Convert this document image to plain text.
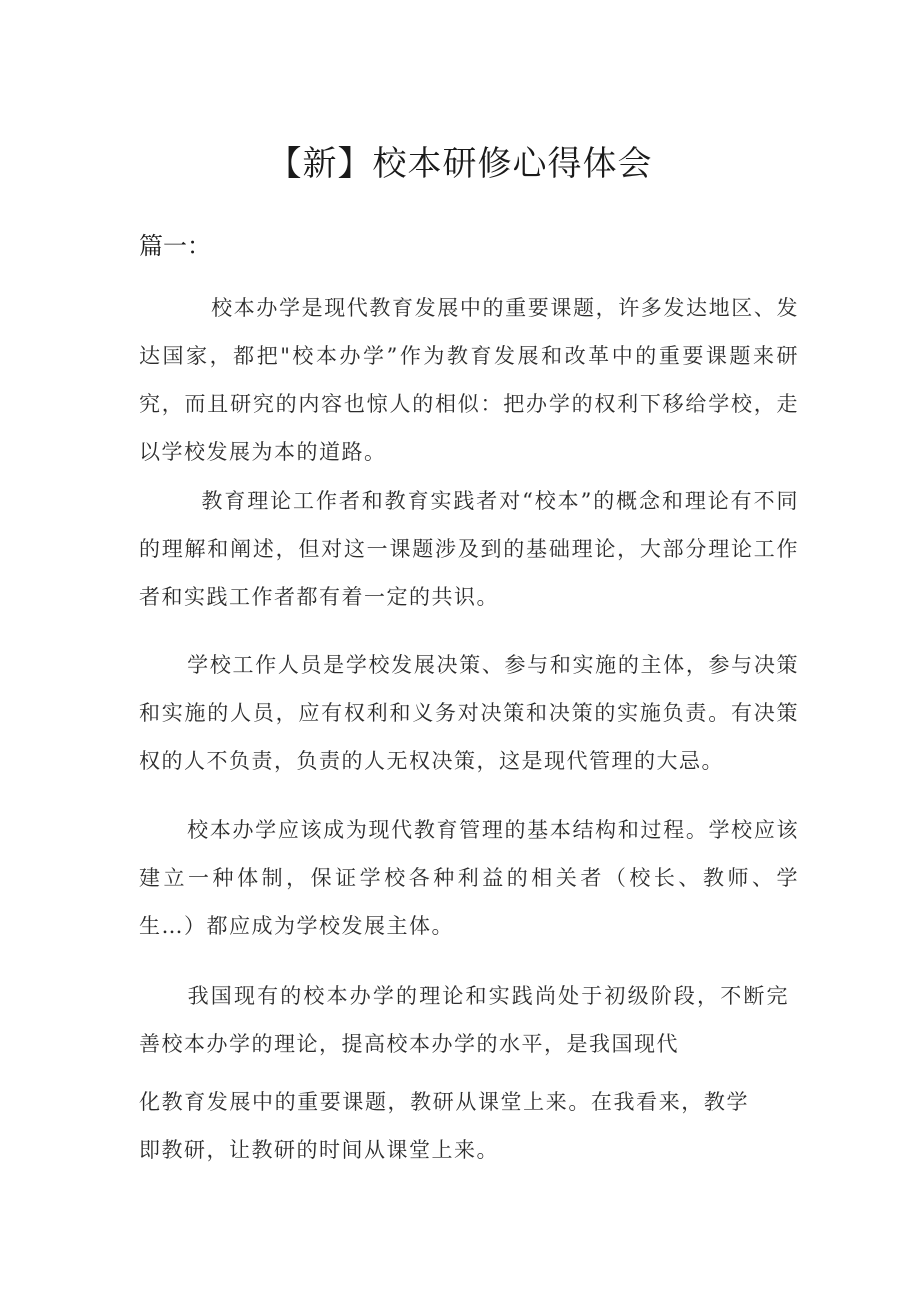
【新】校本研修心得体会

篇一：

校本办学是现代教育发展中的重要课题，许多发达地区、发达国家，都把"校本办学”作为教育发展和改革中的重要课题来研究，而且研究的内容也惊人的相似：把办学的权利下移给学校，走以学校发展为本的道路。

教育理论工作者和教育实践者对“校本”的概念和理论有不同的理解和阐述，但对这一课题涉及到的基础理论，大部分理论工作者和实践工作者都有着一定的共识。

学校工作人员是学校发展决策、参与和实施的主体，参与决策和实施的人员，应有权利和义务对决策和决策的实施负责。有决策权的人不负责，负责的人无权决策，这是现代管理的大忌。

校本办学应该成为现代教育管理的基本结构和过程。学校应该建立一种体制，保证学校各种利益的相关者（校长、教师、学生…）都应成为学校发展主体。

我国现有的校本办学的理论和实践尚处于初级阶段，不断完善校本办学的理论，提高校本办学的水平，是我国现代

化教育发展中的重要课题，教研从课堂上来。在我看来，教学即教研，让教研的时间从课堂上来。
